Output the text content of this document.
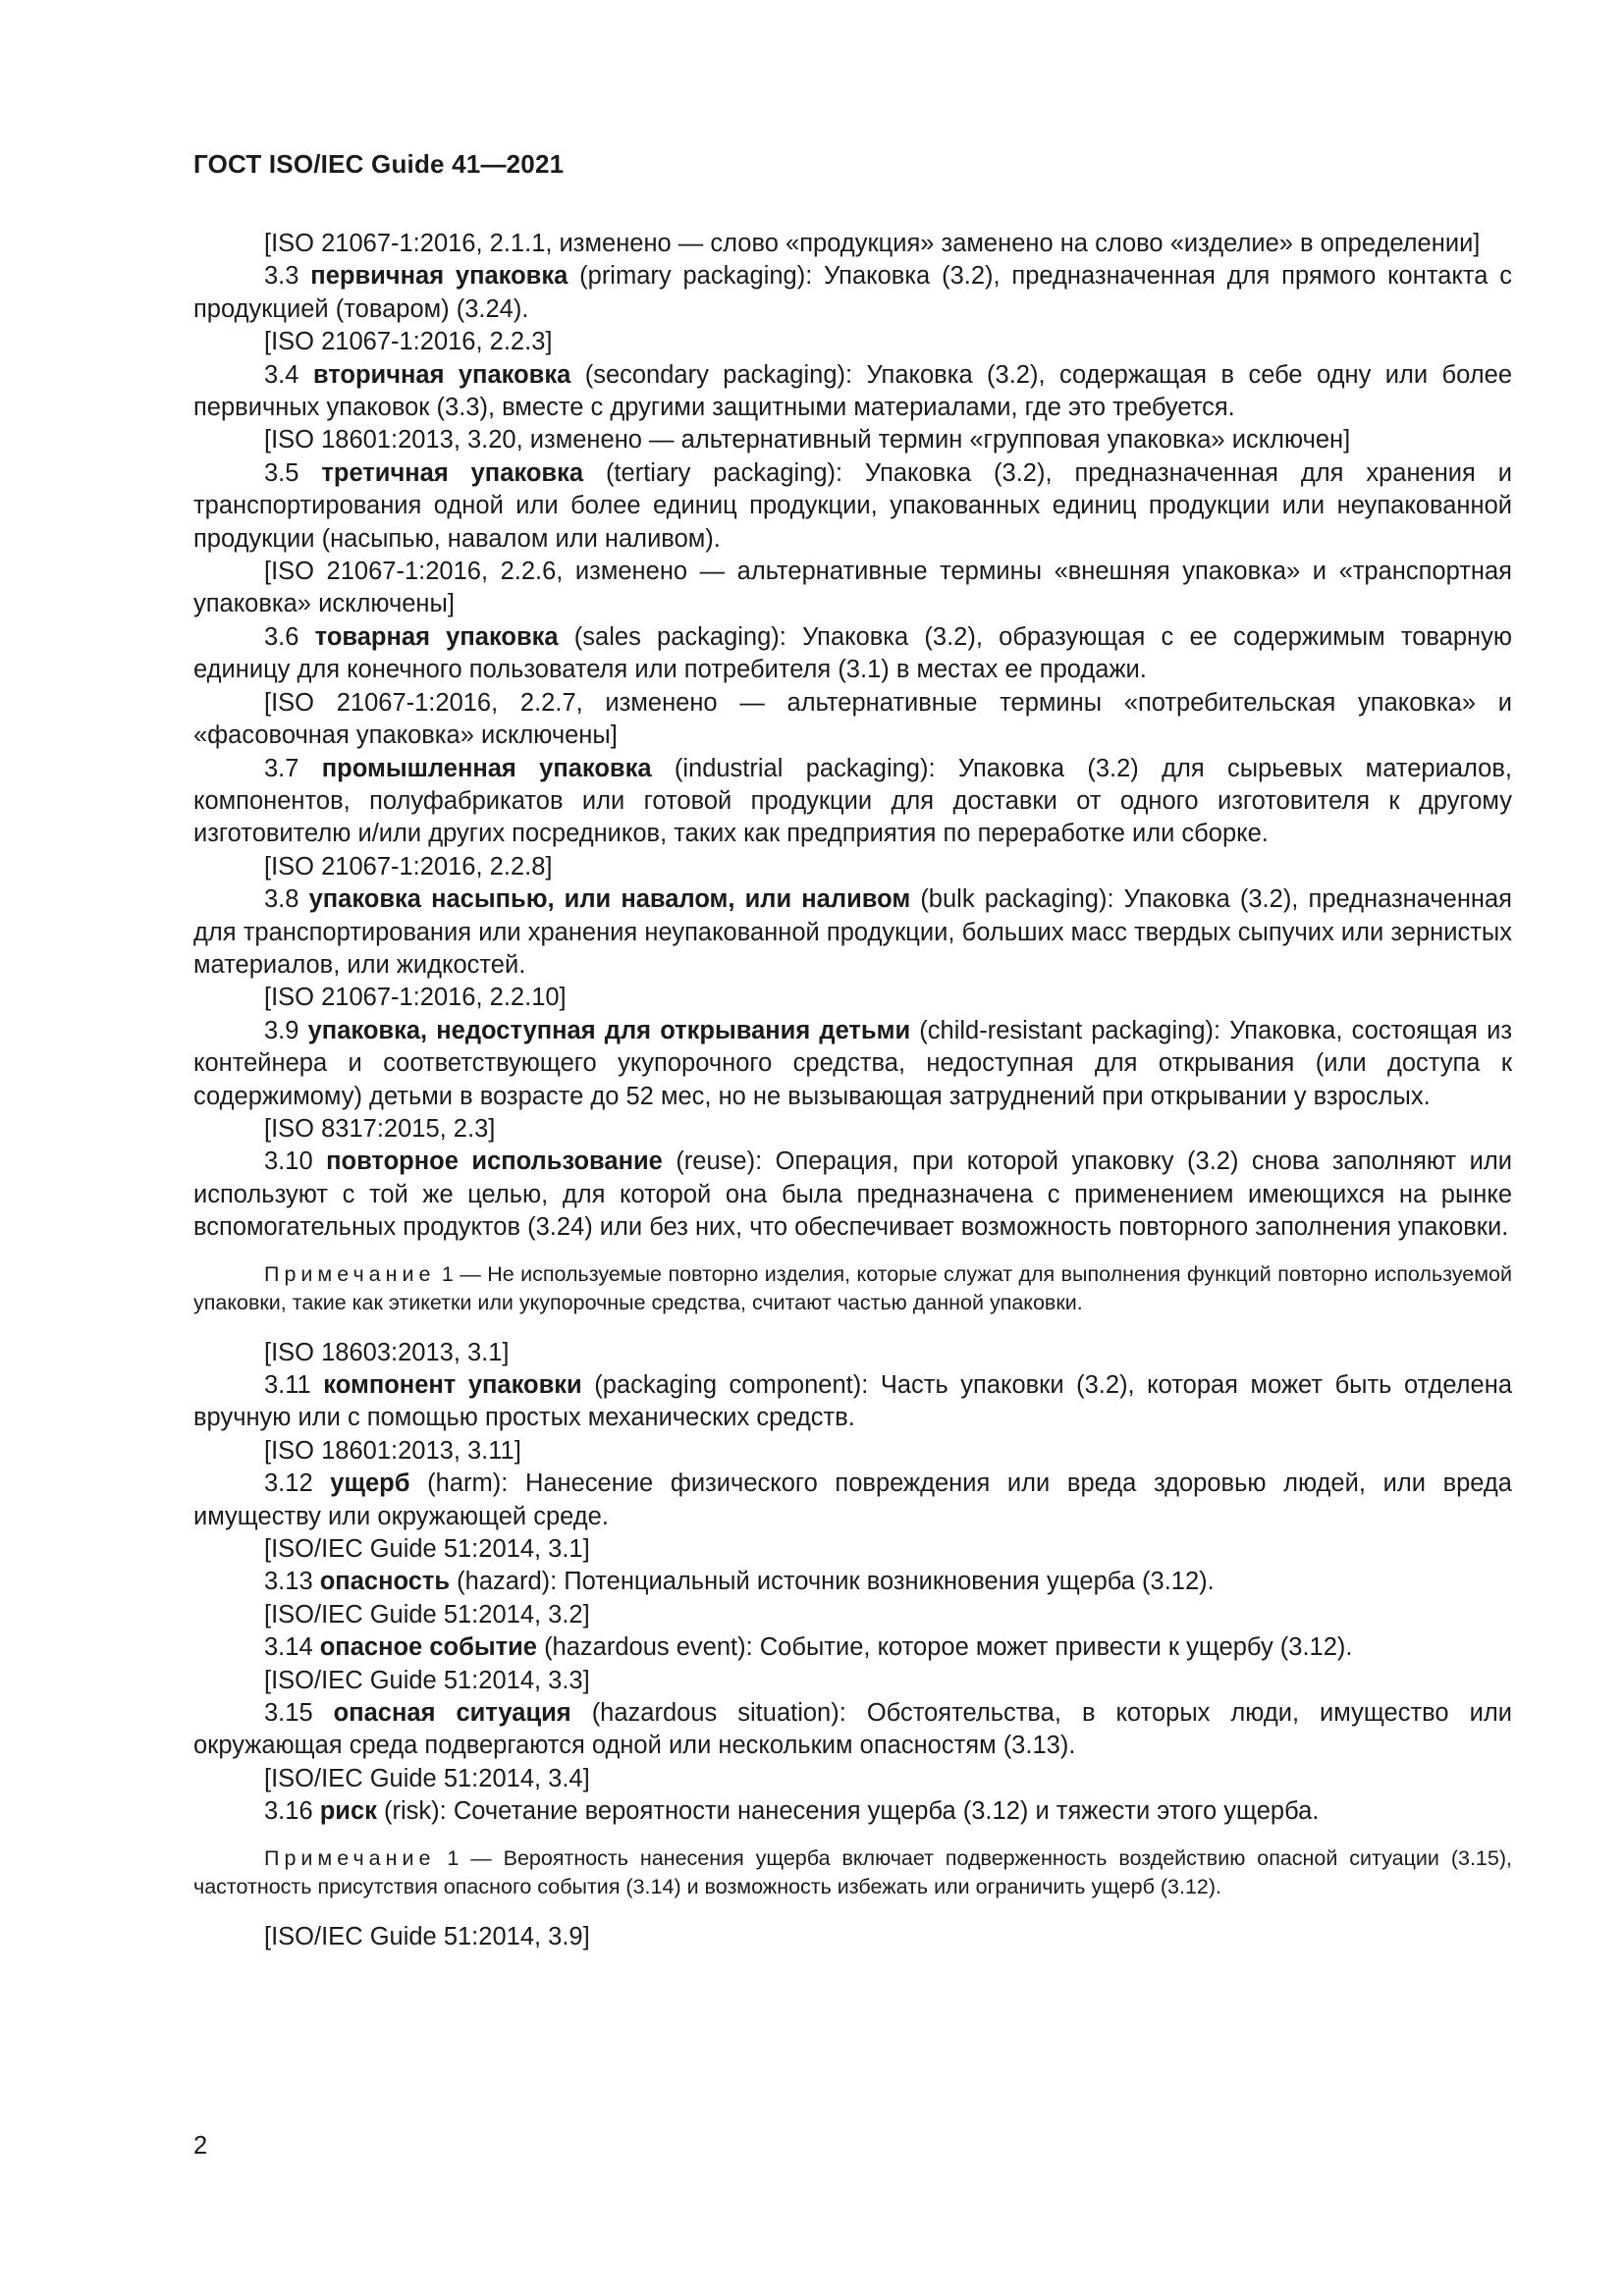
ГОСТ ISO/IEC Guide 41—2021

[ISO 21067-1:2016, 2.1.1, изменено — слово «продукция» заменено на слово «изделие» в определении]

3.3 первичная упаковка (primary packaging): Упаковка (3.2), предназначенная для прямого контакта с продукцией (товаром) (3.24).

[ISO 21067-1:2016, 2.2.3]

3.4 вторичная упаковка (secondary packaging): Упаковка (3.2), содержащая в себе одну или более первичных упаковок (3.3), вместе с другими защитными материалами, где это требуется.

[ISO 18601:2013, 3.20, изменено — альтернативный термин «групповая упаковка» исключен]

3.5 третичная упаковка (tertiary packaging): Упаковка (3.2), предназначенная для хранения и транспортирования одной или более единиц продукции, упакованных единиц продукции или неупакованной продукции (насыпью, навалом или наливом).

[ISO 21067-1:2016, 2.2.6, изменено — альтернативные термины «внешняя упаковка» и «транспортная упаковка» исключены]

3.6 товарная упаковка (sales packaging): Упаковка (3.2), образующая с ее содержимым товарную единицу для конечного пользователя или потребителя (3.1) в местах ее продажи.

[ISO 21067-1:2016, 2.2.7, изменено — альтернативные термины «потребительская упаковка» и «фасовочная упаковка» исключены]

3.7 промышленная упаковка (industrial packaging): Упаковка (3.2) для сырьевых материалов, компонентов, полуфабрикатов или готовой продукции для доставки от одного изготовителя к другому изготовителю и/или других посредников, таких как предприятия по переработке или сборке.

[ISO 21067-1:2016, 2.2.8]

3.8 упаковка насыпью, или навалом, или наливом (bulk packaging): Упаковка (3.2), предназначенная для транспортирования или хранения неупакованной продукции, больших масс твердых сыпучих или зернистых материалов, или жидкостей.

[ISO 21067-1:2016, 2.2.10]

3.9 упаковка, недоступная для открывания детьми (child-resistant packaging): Упаковка, состоящая из контейнера и соответствующего укупорочного средства, недоступная для открывания (или доступа к содержимому) детьми в возрасте до 52 мес, но не вызывающая затруднений при открывании у взрослых.

[ISO 8317:2015, 2.3]

3.10 повторное использование (reuse): Операция, при которой упаковку (3.2) снова заполняют или используют с той же целью, для которой она была предназначена с применением имеющихся на рынке вспомогательных продуктов (3.24) или без них, что обеспечивает возможность повторного заполнения упаковки.

Примечание 1 — Не используемые повторно изделия, которые служат для выполнения функций повторно используемой упаковки, такие как этикетки или укупорочные средства, считают частью данной упаковки.

[ISO 18603:2013, 3.1]

3.11 компонент упаковки (packaging component): Часть упаковки (3.2), которая может быть отделена вручную или с помощью простых механических средств.

[ISO 18601:2013, 3.11]

3.12 ущерб (harm): Нанесение физического повреждения или вреда здоровью людей, или вреда имуществу или окружающей среде.

[ISO/IEC Guide 51:2014, 3.1]

3.13 опасность (hazard): Потенциальный источник возникновения ущерба (3.12).

[ISO/IEC Guide 51:2014, 3.2]

3.14 опасное событие (hazardous event): Событие, которое может привести к ущербу (3.12).

[ISO/IEC Guide 51:2014, 3.3]

3.15 опасная ситуация (hazardous situation): Обстоятельства, в которых люди, имущество или окружающая среда подвергаются одной или нескольким опасностям (3.13).

[ISO/IEC Guide 51:2014, 3.4]

3.16 риск (risk): Сочетание вероятности нанесения ущерба (3.12) и тяжести этого ущерба.

Примечание 1 — Вероятность нанесения ущерба включает подверженность воздействию опасной ситуации (3.15), частотность присутствия опасного события (3.14) и возможность избежать или ограничить ущерб (3.12).

[ISO/IEC Guide 51:2014, 3.9]

2
